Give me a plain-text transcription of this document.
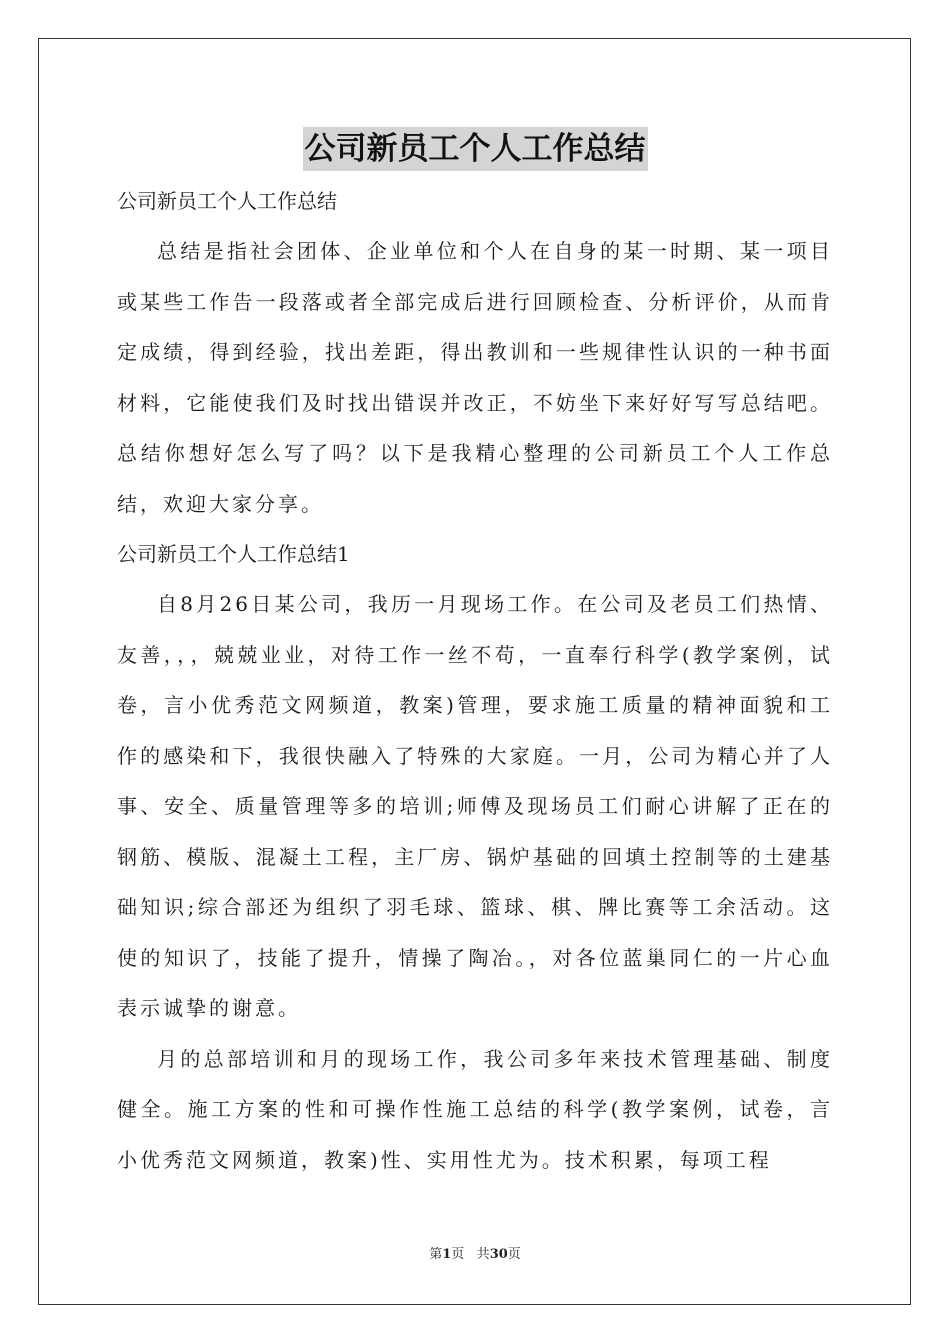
公司新员工个人工作总结

公司新员工个人工作总结

总结是指社会团体、企业单位和个人在自身的某一时期、某一项目或某些工作告一段落或者全部完成后进行回顾检查、分析评价，从而肯定成绩，得到经验，找出差距，得出教训和一些规律性认识的一种书面材料，它能使我们及时找出错误并改正，不妨坐下来好好写写总结吧。总结你想好怎么写了吗？以下是我精心整理的公司新员工个人工作总结，欢迎大家分享。

公司新员工个人工作总结1

自8月26日某公司，我历一月现场工作。在公司及老员工们热情、友善，，，兢兢业业，对待工作一丝不苟，一直奉行科学(教学案例，试卷，言小优秀范文网频道，教案)管理，要求施工质量的精神面貌和工作的感染和下，我很快融入了特殊的大家庭。一月，公司为精心并了人事、安全、质量管理等多的培训;师傅及现场员工们耐心讲解了正在的钢筋、模版、混凝土工程，主厂房、锅炉基础的回填土控制等的土建基础知识;综合部还为组织了羽毛球、篮球、棋、牌比赛等工余活动。这使的知识了，技能了提升，情操了陶冶。，对各位蓝巢同仁的一片心血表示诚挚的谢意。

月的总部培训和月的现场工作，我公司多年来技术管理基础、制度健全。施工方案的性和可操作性施工总结的科学(教学案例，试卷，言小优秀范文网频道，教案)性、实用性尤为。技术积累，每项工程

第1页 共30页
